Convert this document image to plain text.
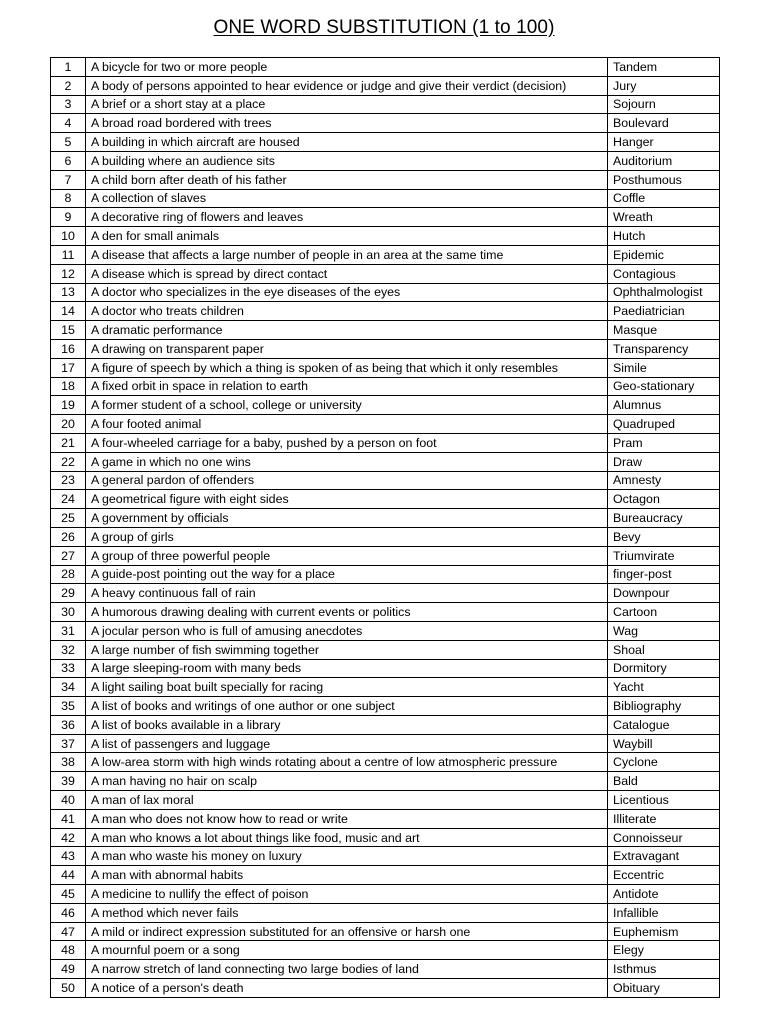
ONE WORD SUBSTITUTION (1 to 100)
1	A bicycle for two or more people	Tandem
2	A body of persons appointed to hear evidence or judge and give their verdict (decision)	Jury
3	A brief or a short stay at a place	Sojourn
4	A broad road bordered with trees	Boulevard
5	A building in which aircraft are housed	Hanger
6	A building where an audience sits	Auditorium
7	A child born after death of his father	Posthumous
8	A collection of slaves	Coffle
9	A decorative ring of flowers and leaves	Wreath
10	A den for small animals	Hutch
11	A disease that affects a large number of people in an area at the same time	Epidemic
12	A disease which is spread by direct contact	Contagious
13	A doctor who specializes in the eye diseases of the eyes	Ophthalmologist
14	A doctor who treats children	Paediatrician
15	A dramatic performance	Masque
16	A drawing on transparent paper	Transparency
17	A figure of speech by which a thing is spoken of as being that which it only resembles	Simile
18	A fixed orbit in space in relation to earth	Geo-stationary
19	A former student of a school, college or university	Alumnus
20	A four footed animal	Quadruped
21	A four-wheeled carriage for a baby, pushed by a person on foot	Pram
22	A game in which no one wins	Draw
23	A general pardon of offenders	Amnesty
24	A geometrical figure with eight sides	Octagon
25	A government by officials	Bureaucracy
26	A group of girls	Bevy
27	A group of three powerful people	Triumvirate
28	A guide-post pointing out the way for a place	finger-post
29	A heavy continuous fall of rain	Downpour
30	A humorous drawing dealing with current events or politics	Cartoon
31	A jocular person who is full of amusing anecdotes	Wag
32	A large number of fish swimming together	Shoal
33	A large sleeping-room with many beds	Dormitory
34	A light sailing boat built specially for racing	Yacht
35	A list of books and writings of one author or one subject	Bibliography
36	A list of books available in a library	Catalogue
37	A list of passengers and luggage	Waybill
38	A low-area storm with high winds rotating about a centre of low atmospheric pressure	Cyclone
39	A man having no hair on scalp	Bald
40	A man of lax moral	Licentious
41	A man who does not know how to read or write	Illiterate
42	A man who knows a lot about things like food, music and art	Connoisseur
43	A man who waste his money on luxury	Extravagant
44	A man with abnormal habits	Eccentric
45	A medicine to nullify the effect of poison	Antidote
46	A method which never fails	Infallible
47	A mild or indirect expression substituted for an offensive or harsh one	Euphemism
48	A mournful poem or a song	Elegy
49	A narrow stretch of land connecting two large bodies of land	Isthmus
50	A notice of a person's death	Obituary
